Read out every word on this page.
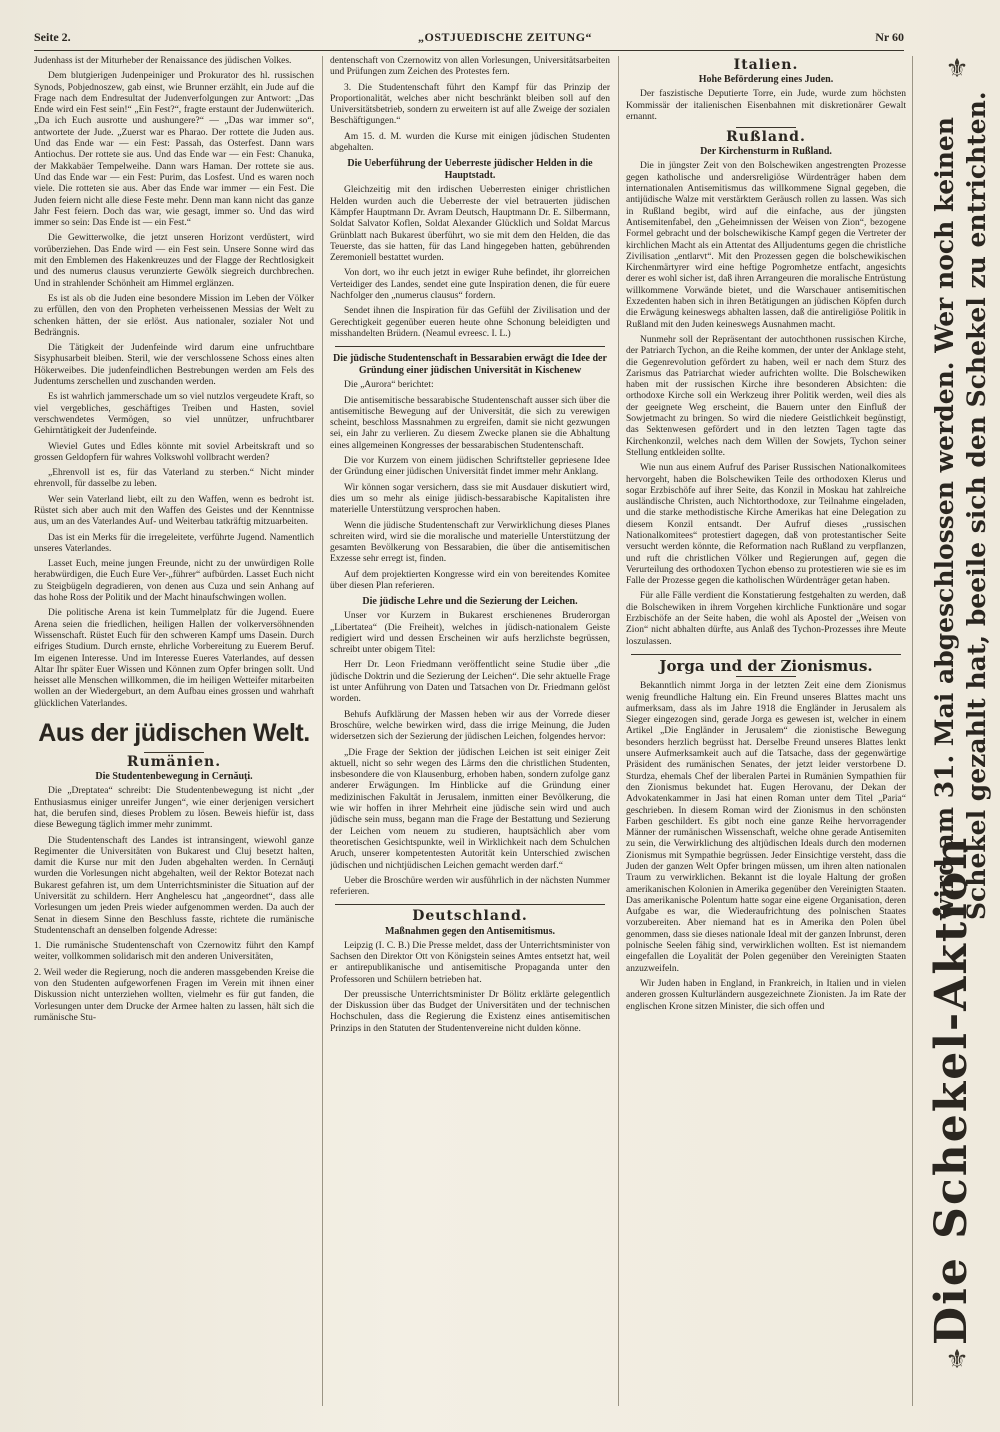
Seite 2.	„OSTJUEDISCHE ZEITUNG“	Nr 60

Judenhass ist der Miturheber der Renaissance des jüdischen Volkes.

Dem blutgierigen Judenpeiniger und Prokurator des hl. russischen Synods, Pobjednoszew, gab einst, wie Brunner erzählt, ein Jude auf die Frage nach dem Endresultat der Judenverfolgungen zur Antwort: „Das Ende wird ein Fest sein!“ „Ein Fest?“, fragte erstaunt der Judenwüterich. „Da ich Euch ausrotte und aushungere?“ — „Das war immer so“, antwortete der Jude. „Zuerst war es Pharao. Der rottete die Juden aus. Und das Ende war — ein Fest: Passah, das Osterfest. Dann wars Antiochus. Der rottete sie aus. Und das Ende war — ein Fest: Chanuka, der Makkabäer Tempelweihe. Dann wars Haman. Der rottete sie aus. Und das Ende war — ein Fest: Purim, das Losfest. Und es waren noch viele. Die rotteten sie aus. Aber das Ende war immer — ein Fest. Die Juden feiern nicht alle diese Feste mehr. Denn man kann nicht das ganze Jahr Fest feiern. Doch das war, wie gesagt, immer so. Und das wird immer so sein: Das Ende ist — ein Fest.“

Die Gewitterwolke, die jetzt unseren Horizont verdüstert, wird vorüberziehen. Das Ende wird — ein Fest sein. Unsere Sonne wird das mit den Emblemen des Hakenkreuzes und der Flagge der Rechtlosigkeit und des numerus clausus verunzierte Gewölk siegreich durchbrechen. Und in strahlender Schönheit am Himmel erglänzen.

Es ist als ob die Juden eine besondere Mission im Leben der Völker zu erfüllen, den von den Propheten verheissenen Messias der Welt zu schenken hätten, der sie erlöst. Aus nationaler, sozialer Not und Bedrängnis.

Die Tätigkeit der Judenfeinde wird darum eine unfruchtbare Sisyphusarbeit bleiben. Steril, wie der verschlossene Schoss eines alten Hökerweibes. Die judenfeindlichen Bestrebungen werden am Fels des Judentums zerschellen und zuschanden werden.

Es ist wahrlich jammerschade um so viel nutzlos vergeudete Kraft, so viel vergebliches, geschäftiges Treiben und Hasten, soviel verschwendetes Vermögen, so viel unnützer, unfruchtbarer Gehirntätigkeit der Judenfeinde.

Wieviel Gutes und Edles könnte mit soviel Arbeitskraft und so grossen Geldopfern für wahres Volkswohl vollbracht werden?

„Ehrenvoll ist es, für das Vaterland zu sterben.“ Nicht minder ehrenvoll, für dasselbe zu leben.

Wer sein Vaterland liebt, eilt zu den Waffen, wenn es bedroht ist. Rüstet sich aber auch mit den Waffen des Geistes und der Kenntnisse aus, um an des Vaterlandes Auf- und Weiterbau tatkräftig mitzuarbeiten.

Das ist ein Merks für die irregeleitete, verführte Jugend. Namentlich unseres Vaterlandes.

Lasset Euch, meine jungen Freunde, nicht zu der unwürdigen Rolle herabwürdigen, die Euch Eure Ver-„führer“ aufbürden. Lasset Euch nicht zu Steigbügeln degradieren, von denen aus Cuza und sein Anhang auf das hohe Ross der Politik und der Macht hinaufschwingen wollen.

Die politische Arena ist kein Tummelplatz für die Jugend. Euere Arena seien die friedlichen, heiligen Hallen der volkerversöhnenden Wissenschaft. Rüstet Euch für den schweren Kampf ums Dasein. Durch eifriges Studium. Durch ernste, ehrliche Vorbereitung zu Euerem Beruf. Im eigenen Interesse. Und im Interesse Eueres Vaterlandes, auf dessen Altar Ihr später Euer Wissen und Können zum Opfer bringen sollt. Und heisset alle Menschen willkommen, die im heiligen Wetteifer mitarbeiten wollen an der Wiedergeburt, an dem Aufbau eines grossen und wahrhaft glücklichen Vaterlandes.

Aus der jüdischen Welt.
Rumänien.
Die Studentenbewegung in Cernăuţi.

Die „Dreptatea“ schreibt: Die Studentenbewegung ist nicht „der Enthusiasmus einiger unreifer Jungen“, wie einer derjenigen versichert hat, die berufen sind, dieses Problem zu lösen. Beweis hiefür ist, dass diese Bewegung täglich immer mehr zunimmt.

Die Studentenschaft des Landes ist intransingent, wiewohl ganze Regimenter die Universitäten von Bukarest und Cluj besetzt halten, damit die Kurse nur mit den Juden abgehalten werden. In Cernăuţi wurden die Vorlesungen nicht abgehalten, weil der Rektor Botezat nach Bukarest gefahren ist, um dem Unterrichtsminister die Situation auf der Universität zu schildern. Herr Anghelescu hat „angeordnet“, dass alle Vorlesungen um jeden Preis wieder aufgenommen werden. Da auch der Senat in diesem Sinne den Beschluss fasste, richtete die rumänische Studentenschaft an denselben folgende Adresse:

1. Die rumänische Studentenschaft von Czernowitz führt den Kampf weiter, vollkommen solidarisch mit den anderen Universitäten,

2. Weil weder die Regierung, noch die anderen massgebenden Kreise die von den Studenten aufgeworfenen Fragen im Verein mit ihnen einer Diskussion nicht unterziehen wollten, vielmehr es für gut fanden, die Vorlesungen unter dem Drucke der Armee halten zu lassen, hält sich die rumänische Stu-

dentenschaft von Czernowitz von allen Vorlesungen, Universitätsarbeiten und Prüfungen zum Zeichen des Protestes fern.

3. Die Studentenschaft führt den Kampf für das Prinzip der Proportionalität, welches aber nicht beschränkt bleiben soll auf den Universitätsbetrieb, sondern zu erweitern ist auf alle Zweige der sozialen Beschäftigungen.“

Am 15. d. M. wurden die Kurse mit einigen jüdischen Studenten abgehalten.

Die Ueberführung der Ueberreste jüdischer Helden in die Hauptstadt.

Gleichzeitig mit den irdischen Ueberresten einiger christlichen Helden wurden auch die Ueberreste der viel betrauerten jüdischen Kämpfer Hauptmann Dr. Avram Deutsch, Hauptmann Dr. E. Silbermann, Soldat Salvator Koflen, Soldat Alexander Glücklich und Soldat Marcus Grünblatt nach Bukarest überführt, wo sie mit dem den Helden, die das Teuerste, das sie hatten, für das Land hingegeben hatten, gebührenden Zeremoniell bestattet wurden.

Von dort, wo ihr euch jetzt in ewiger Ruhe befindet, ihr glorreichen Verteidiger des Landes, sendet eine gute Inspiration denen, die für euere Nachfolger den „numerus clausus“ fordern.

Sendet ihnen die Inspiration für das Gefühl der Zivilisation und der Gerechtigkeit gegenüber eueren heute ohne Schonung beleidigten und misshandelten Brüdern. (Neamul evreesc. I. L.)

Die jüdische Studentenschaft in Bessarabien erwägt die Idee der Gründung einer jüdischen Universität in Kischenew

Die „Aurora“ berichtet:

Die antisemitische bessarabische Studentenschaft ausser sich über die antisemitische Bewegung auf der Universität, die sich zu verewigen scheint, beschloss Massnahmen zu ergreifen, damit sie nicht gezwungen sei, ein Jahr zu verlieren. Zu diesem Zwecke planen sie die Abhaltung eines allgemeinen Kongresses der bessarabischen Studentenschaft.

Die vor Kurzem von einem jüdischen Schriftsteller gepriesene Idee der Gründung einer jüdischen Universität findet immer mehr Anklang.

Wir können sogar versichern, dass sie mit Ausdauer diskutiert wird, dies um so mehr als einige jüdisch-bessarabische Kapitalisten ihre materielle Unterstützung versprochen haben.

Wenn die jüdische Studentenschaft zur Verwirklichung dieses Planes schreiten wird, wird sie die moralische und materielle Unterstützung der gesamten Bevölkerung von Bessarabien, die über die antisemitischen Exzesse sehr erregt ist, finden.

Auf dem projektierten Kongresse wird ein von bereitendes Komitee über diesen Plan referieren.

Die jüdische Lehre und die Sezierung der Leichen.

Unser vor Kurzem in Bukarest erschienenes Bruderorgan „Libertatea“ (Die Freiheit), welches in jüdisch-nationalem Geiste redigiert wird und dessen Erscheinen wir aufs herzlichste begrüssen, schreibt unter obigem Titel:

Herr Dr. Leon Friedmann veröffentlicht seine Studie über „die jüdische Doktrin und die Sezierung der Leichen“. Die sehr aktuelle Frage ist unter Anführung von Daten und Tatsachen von Dr. Friedmann gelöst worden.

Behufs Aufklärung der Massen heben wir aus der Vorrede dieser Broschüre, welche bewirken wird, dass die irrige Meinung, die Juden widersetzen sich der Sezierung der jüdischen Leichen, folgendes hervor:

„Die Frage der Sektion der jüdischen Leichen ist seit einiger Zeit aktuell, nicht so sehr wegen des Lärms den die christlichen Studenten, insbesondere die von Klausenburg, erhoben haben, sondern zufolge ganz anderer Erwägungen. Im Hinblicke auf die Gründung einer medizinischen Fakultät in Jerusalem, inmitten einer Bevölkerung, die wie wir hoffen in ihrer Mehrheit eine jüdische sein wird und auch jüdische sein muss, begann man die Frage der Bestattung und Sezierung der Leichen vom neuem zu studieren, hauptsächlich aber vom theoretischen Gesichtspunkte, weil in Wirklichkeit nach dem Schulchen Aruch, unserer kompetentesten Autorität kein Unterschied zwischen jüdischen und nichtjüdischen Leichen gemacht werden darf.“

Ueber die Broschüre werden wir ausführlich in der nächsten Nummer referieren.

Deutschland.
Maßnahmen gegen den Antisemitismus.

Leipzig (I. C. B.) Die Presse meldet, dass der Unterrichtsminister von Sachsen den Direktor Ott von Königstein seines Amtes entsetzt hat, weil er antirepublikanische und antisemitische Propaganda unter den Professoren und Schülern betrieben hat.

Der preussische Unterrichtsminister Dr Bölitz erklärte gelegentlich der Diskussion über das Budget der Universitäten und der technischen Hochschulen, dass die Regierung die Existenz eines antisemitischen Prinzips in den Statuten der Studentenvereine nicht dulden könne.

Italien.
Hohe Beförderung eines Juden.

Der faszistische Deputierte Torre, ein Jude, wurde zum höchsten Kommissär der italienischen Eisenbahnen mit diskretionärer Gewalt ernannt.

Rußland.
Der Kirchensturm in Rußland.

Die in jüngster Zeit von den Bolschewiken angestrengten Prozesse gegen katholische und andersreligiöse Würdenträger haben dem internationalen Antisemitismus das willkommene Signal gegeben, die antijüdische Walze mit verstärktem Geräusch rollen zu lassen. Was sich in Rußland begibt, wird auf die einfache, aus der jüngsten Antisemitenfabel, den „Geheimnissen der Weisen von Zion“, bezogene Formel gebracht und der bolschewikische Kampf gegen die Vertreter der kirchlichen Macht als ein Attentat des Alljudentums gegen die christliche Zivilisation „entlarvt“. Mit den Prozessen gegen die bolschewikischen Kirchenmärtyrer wird eine heftige Pogromhetze entfacht, angesichts derer es wohl sicher ist, daß ihren Arrangeuren die moralische Entrüstung willkommene Vorwände bietet, und die Warschauer antisemitischen Exzedenten haben sich in ihren Betätigungen an jüdischen Köpfen durch die Erwägung keineswegs abhalten lassen, daß die antireligiöse Politik in Rußland mit den Juden keineswegs Ausnahmen macht.

Nunmehr soll der Repräsentant der autochthonen russischen Kirche, der Patriarch Tychon, an die Reihe kommen, der unter der Anklage steht, die Gegenrevolution gefördert zu haben, weil er nach dem Sturz des Zarismus das Patriarchat wieder aufrichten wollte. Die Bolschewiken haben mit der russischen Kirche ihre besonderen Absichten: die orthodoxe Kirche soll ein Werkzeug ihrer Politik werden, weil dies als der geeignete Weg erscheint, die Bauern unter den Einfluß der Sowjetmacht zu bringen. So wird die niedere Geistlichkeit begünstigt, das Sektenwesen gefördert und in den letzten Tagen tagte das Kirchenkonzil, welches nach dem Willen der Sowjets, Tychon seiner Stellung entkleiden sollte.

Wie nun aus einem Aufruf des Pariser Russischen Nationalkomitees hervorgeht, haben die Bolschewiken Teile des orthodoxen Klerus und sogar Erzbischöfe auf ihrer Seite, das Konzil in Moskau hat zahlreiche ausländische Christen, auch Nichtorthodoxe, zur Teilnahme eingeladen, und die starke methodistische Kirche Amerikas hat eine Delegation zu diesem Konzil entsandt. Der Aufruf dieses „russischen Nationalkomitees“ protestiert dagegen, daß von protestantischer Seite versucht werden könnte, die Reformation nach Rußland zu verpflanzen, und ruft die christlichen Völker und Regierungen auf, gegen die Verurteilung des orthodoxen Tychon ebenso zu protestieren wie sie es im Falle der Prozesse gegen die katholischen Würdenträger getan haben.

Für alle Fälle verdient die Konstatierung festgehalten zu werden, daß die Bolschewiken in ihrem Vorgehen kirchliche Funktionäre und sogar Erzbischöfe an der Seite haben, die wohl als Apostel der „Weisen von Zion“ nicht abhalten dürfte, aus Anlaß des Tychon-Prozesses ihre Meute loszulassen.

Jorga und der Zionismus.

Bekanntlich nimmt Jorga in der letzten Zeit eine dem Zionismus wenig freundliche Haltung ein. Ein Freund unseres Blattes macht uns aufmerksam, dass als im Jahre 1918 die Engländer in Jerusalem als Sieger eingezogen sind, gerade Jorga es gewesen ist, welcher in einem Artikel „Die Engländer in Jerusalem“ die zionistische Bewegung besonders herzlich begrüsst hat. Derselbe Freund unseres Blattes lenkt unsere Aufmerksamkeit auch auf die Tatsache, dass der gegenwärtige Präsident des rumänischen Senates, der jetzt leider verstorbene D. Sturdza, ehemals Chef der liberalen Partei in Rumänien Sympathien für den Zionismus bekundet hat. Eugen Herovanu, der Dekan der Advokatenkammer in Jasi hat einen Roman unter dem Titel „Paria“ geschrieben. In diesem Roman wird der Zionismus in den schönsten Farben geschildert. Es gibt noch eine ganze Reihe hervorragender Männer der rumänischen Wissenschaft, welche ohne gerade Antisemiten zu sein, die Verwirklichung des altjüdischen Ideals durch den modernen Zionismus mit Sympathie begrüssen. Jeder Einsichtige versteht, dass die Juden der ganzen Welt Opfer bringen müssen, um ihren alten nationalen Traum zu verwirklichen. Bekannt ist die loyale Haltung der großen amerikanischen Kolonien in Amerika gegenüber den Vereinigten Staaten. Das amerikanische Polentum hatte sogar eine eigene Organisation, deren Aufgabe es war, die Wiederaufrichtung des polnischen Staates vorzubereiten. Aber niemand hat es in Amerika den Polen übel genommen, dass sie dieses nationale Ideal mit der ganzen Inbrunst, deren polnische Seelen fähig sind, verwirklichen wollten. Est ist niemandem eingefallen die Loyalität der Polen gegenüber den Vereinigten Staaten anzuzweifeln.

Wir Juden haben in England, in Frankreich, in Italien und in vielen anderen grossen Kulturländern ausgezeichnete Zionisten. Ja im Rate der englischen Krone sitzen Minister, die sich offen und

⚜
⚜
Die Schekel-Aktion
wird am 31. Mai abgeschlossen werden. Wer noch keinen Schekel gezahlt hat, beeile sich den Schekel zu entrichten.
